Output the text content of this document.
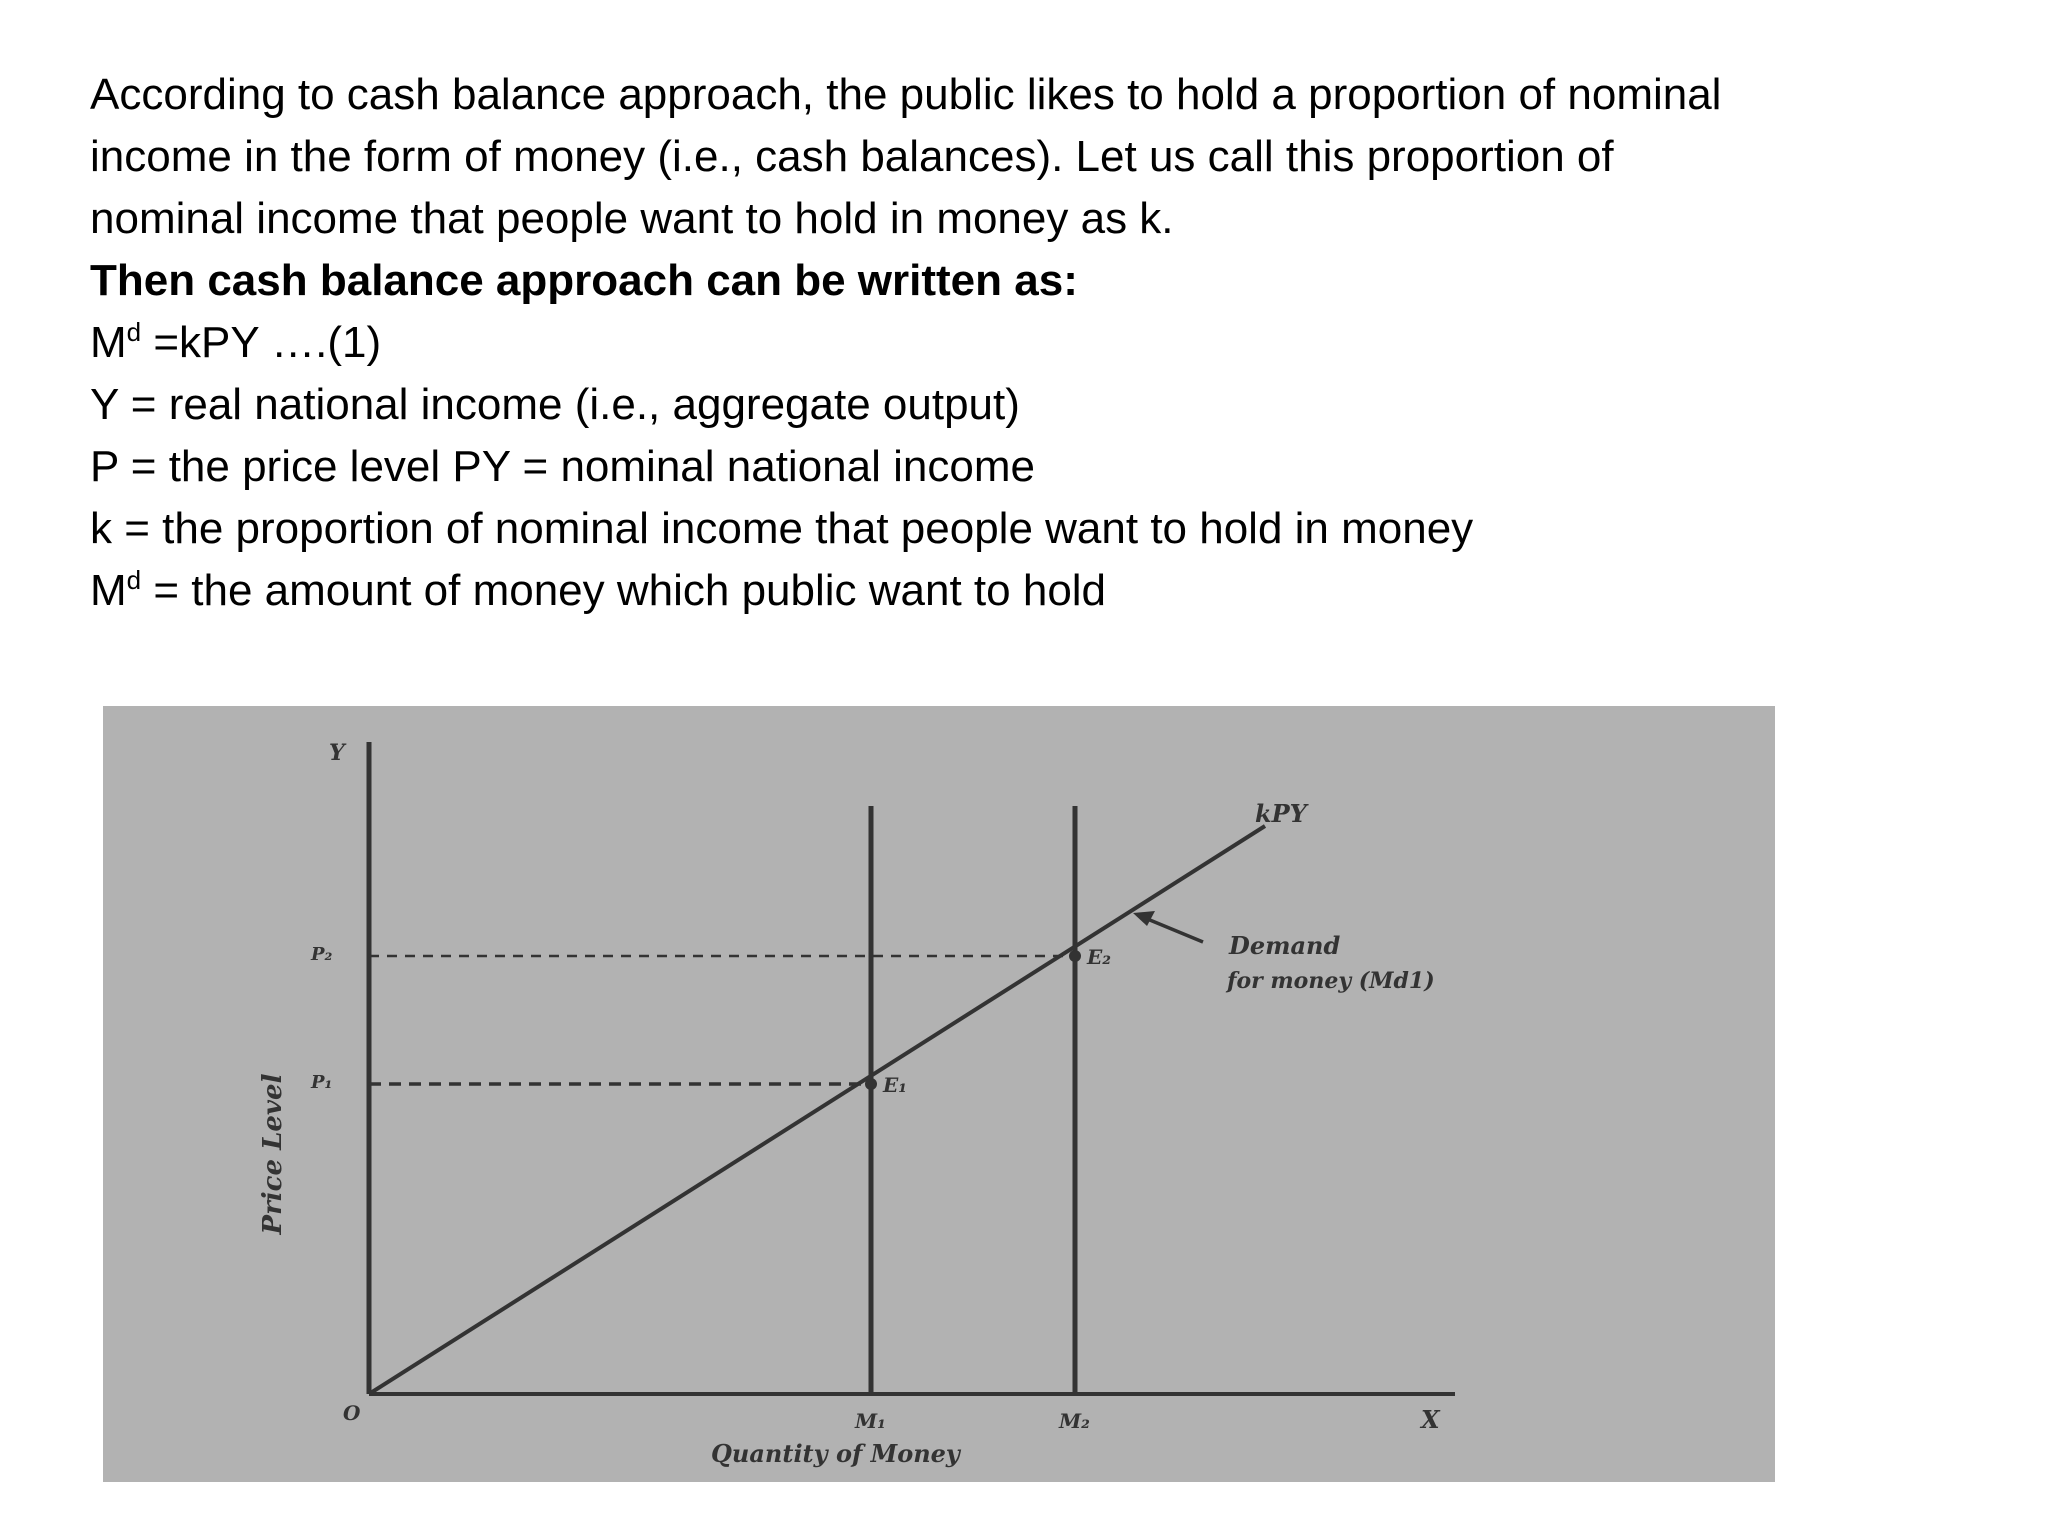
According to cash balance approach, the public likes to hold a proportion of nominal
income in the form of money (i.e., cash balances). Let us call this proportion of
nominal income that people want to hold in money as k.
Then cash balance approach can be written as:
$M^d =kPY$ ….(1)
Y = real national income (i.e., aggregate output)
P = the price level PY = nominal national income
k = the proportion of nominal income that people want to hold in money
$M^d$ = the amount of money which public want to hold
Y
X
O
P₂
P₁	E₁
E₂
M₁	M₂
kPY
Demand
for money (Md1)
Quantity of Money
Price Level
